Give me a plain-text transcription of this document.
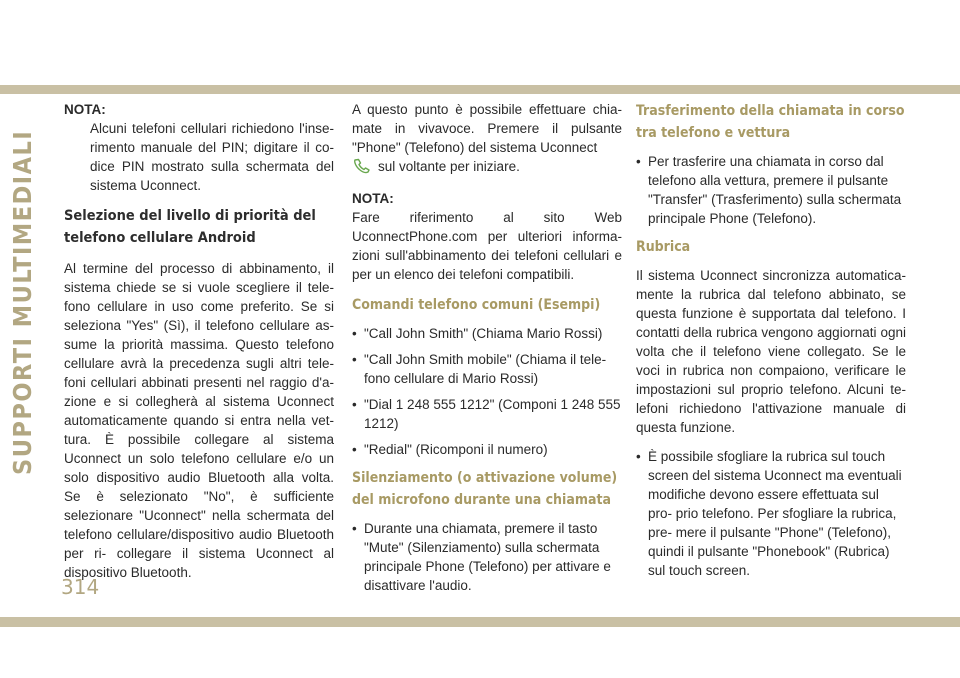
SUPPORTI MULTIMEDIALI
314

NOTA:

Alcuni telefoni cellulari richiedono l'inse- rimento manuale del PIN; digitare il co- dice PIN mostrato sulla schermata del sistema Uconnect.

Selezione del livello di priorità del telefono cellulare Android

Al termine del processo di abbinamento, il sistema chiede se si vuole scegliere il tele- fono cellulare in uso come preferito. Se si seleziona "Yes" (Sì), il telefono cellulare as- sume la priorità massima. Questo telefono cellulare avrà la precedenza sugli altri tele- foni cellulari abbinati presenti nel raggio d'a- zione e si collegherà al sistema Uconnect automaticamente quando si entra nella vet- tura. È possibile collegare al sistema Uconnect un solo telefono cellulare e/o un solo dispositivo audio Bluetooth alla volta. Se è selezionato "No", è sufficiente selezionare "Uconnect" nella schermata del telefono cellulare/dispositivo audio Bluetooth per ri- collegare il sistema Uconnect al dispositivo Bluetooth.

A questo punto è possibile effettuare chia- mate in vivavoce. Premere il pulsante "Phone" (Telefono) del sistema Uconnect
sul voltante per iniziare.

NOTA:

Fare riferimento al sito Web UconnectPhone.com per ulteriori informa- zioni sull'abbinamento dei telefoni cellulari e per un elenco dei telefoni compatibili.

Comandi telefono comuni (Esempi)
• "Call John Smith" (Chiama Mario Rossi)
• "Call John Smith mobile" (Chiama il tele- fono cellulare di Mario Rossi)
• "Dial 1 248 555 1212" (Componi 1 248 555 1212)
• "Redial" (Ricomponi il numero)
Silenziamento (o attivazione volume) del microfono durante una chiamata
• Durante una chiamata, premere il tasto "Mute" (Silenziamento) sulla schermata principale Phone (Telefono) per attivare e disattivare l'audio.
Trasferimento della chiamata in corso tra telefono e vettura
• Per trasferire una chiamata in corso dal telefono alla vettura, premere il pulsante "Transfer" (Trasferimento) sulla schermata principale Phone (Telefono).
Rubrica

Il sistema Uconnect sincronizza automatica- mente la rubrica dal telefono abbinato, se questa funzione è supportata dal telefono. I contatti della rubrica vengono aggiornati ogni volta che il telefono viene collegato. Se le voci in rubrica non compaiono, verificare le impostazioni sul proprio telefono. Alcuni te- lefoni richiedono l'attivazione manuale di questa funzione.

• È possibile sfogliare la rubrica sul touch screen del sistema Uconnect ma eventuali modifiche devono essere effettuata sul pro- prio telefono. Per sfogliare la rubrica, pre- mere il pulsante "Phone" (Telefono), quindi il pulsante "Phonebook" (Rubrica) sul touch screen.
